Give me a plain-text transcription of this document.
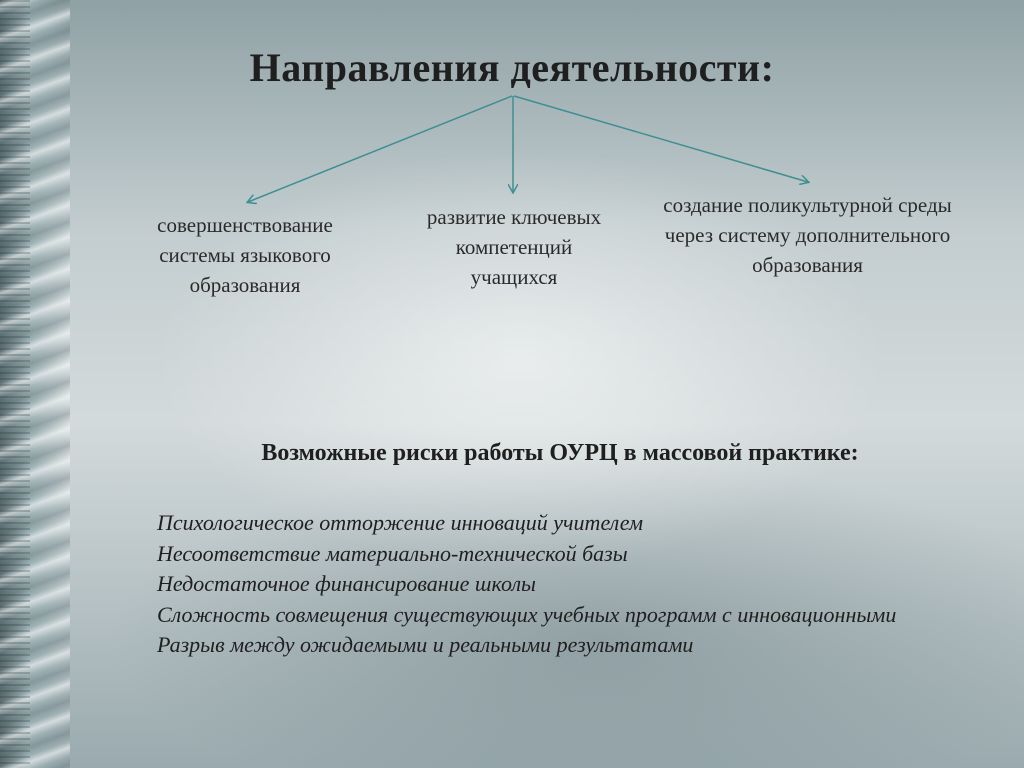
Направления деятельности:
совершенствование системы языкового образования
развитие ключевых компетенций учащихся
создание поликультурной среды через систему дополнительного образования
Возможные риски работы ОУРЦ в массовой практике:
Психологическое отторжение инноваций учителем
Несоответствие материально-технической базы
Недостаточное финансирование школы
Сложность совмещения существующих учебных программ с инновационными
Разрыв между ожидаемыми и реальными результатами
